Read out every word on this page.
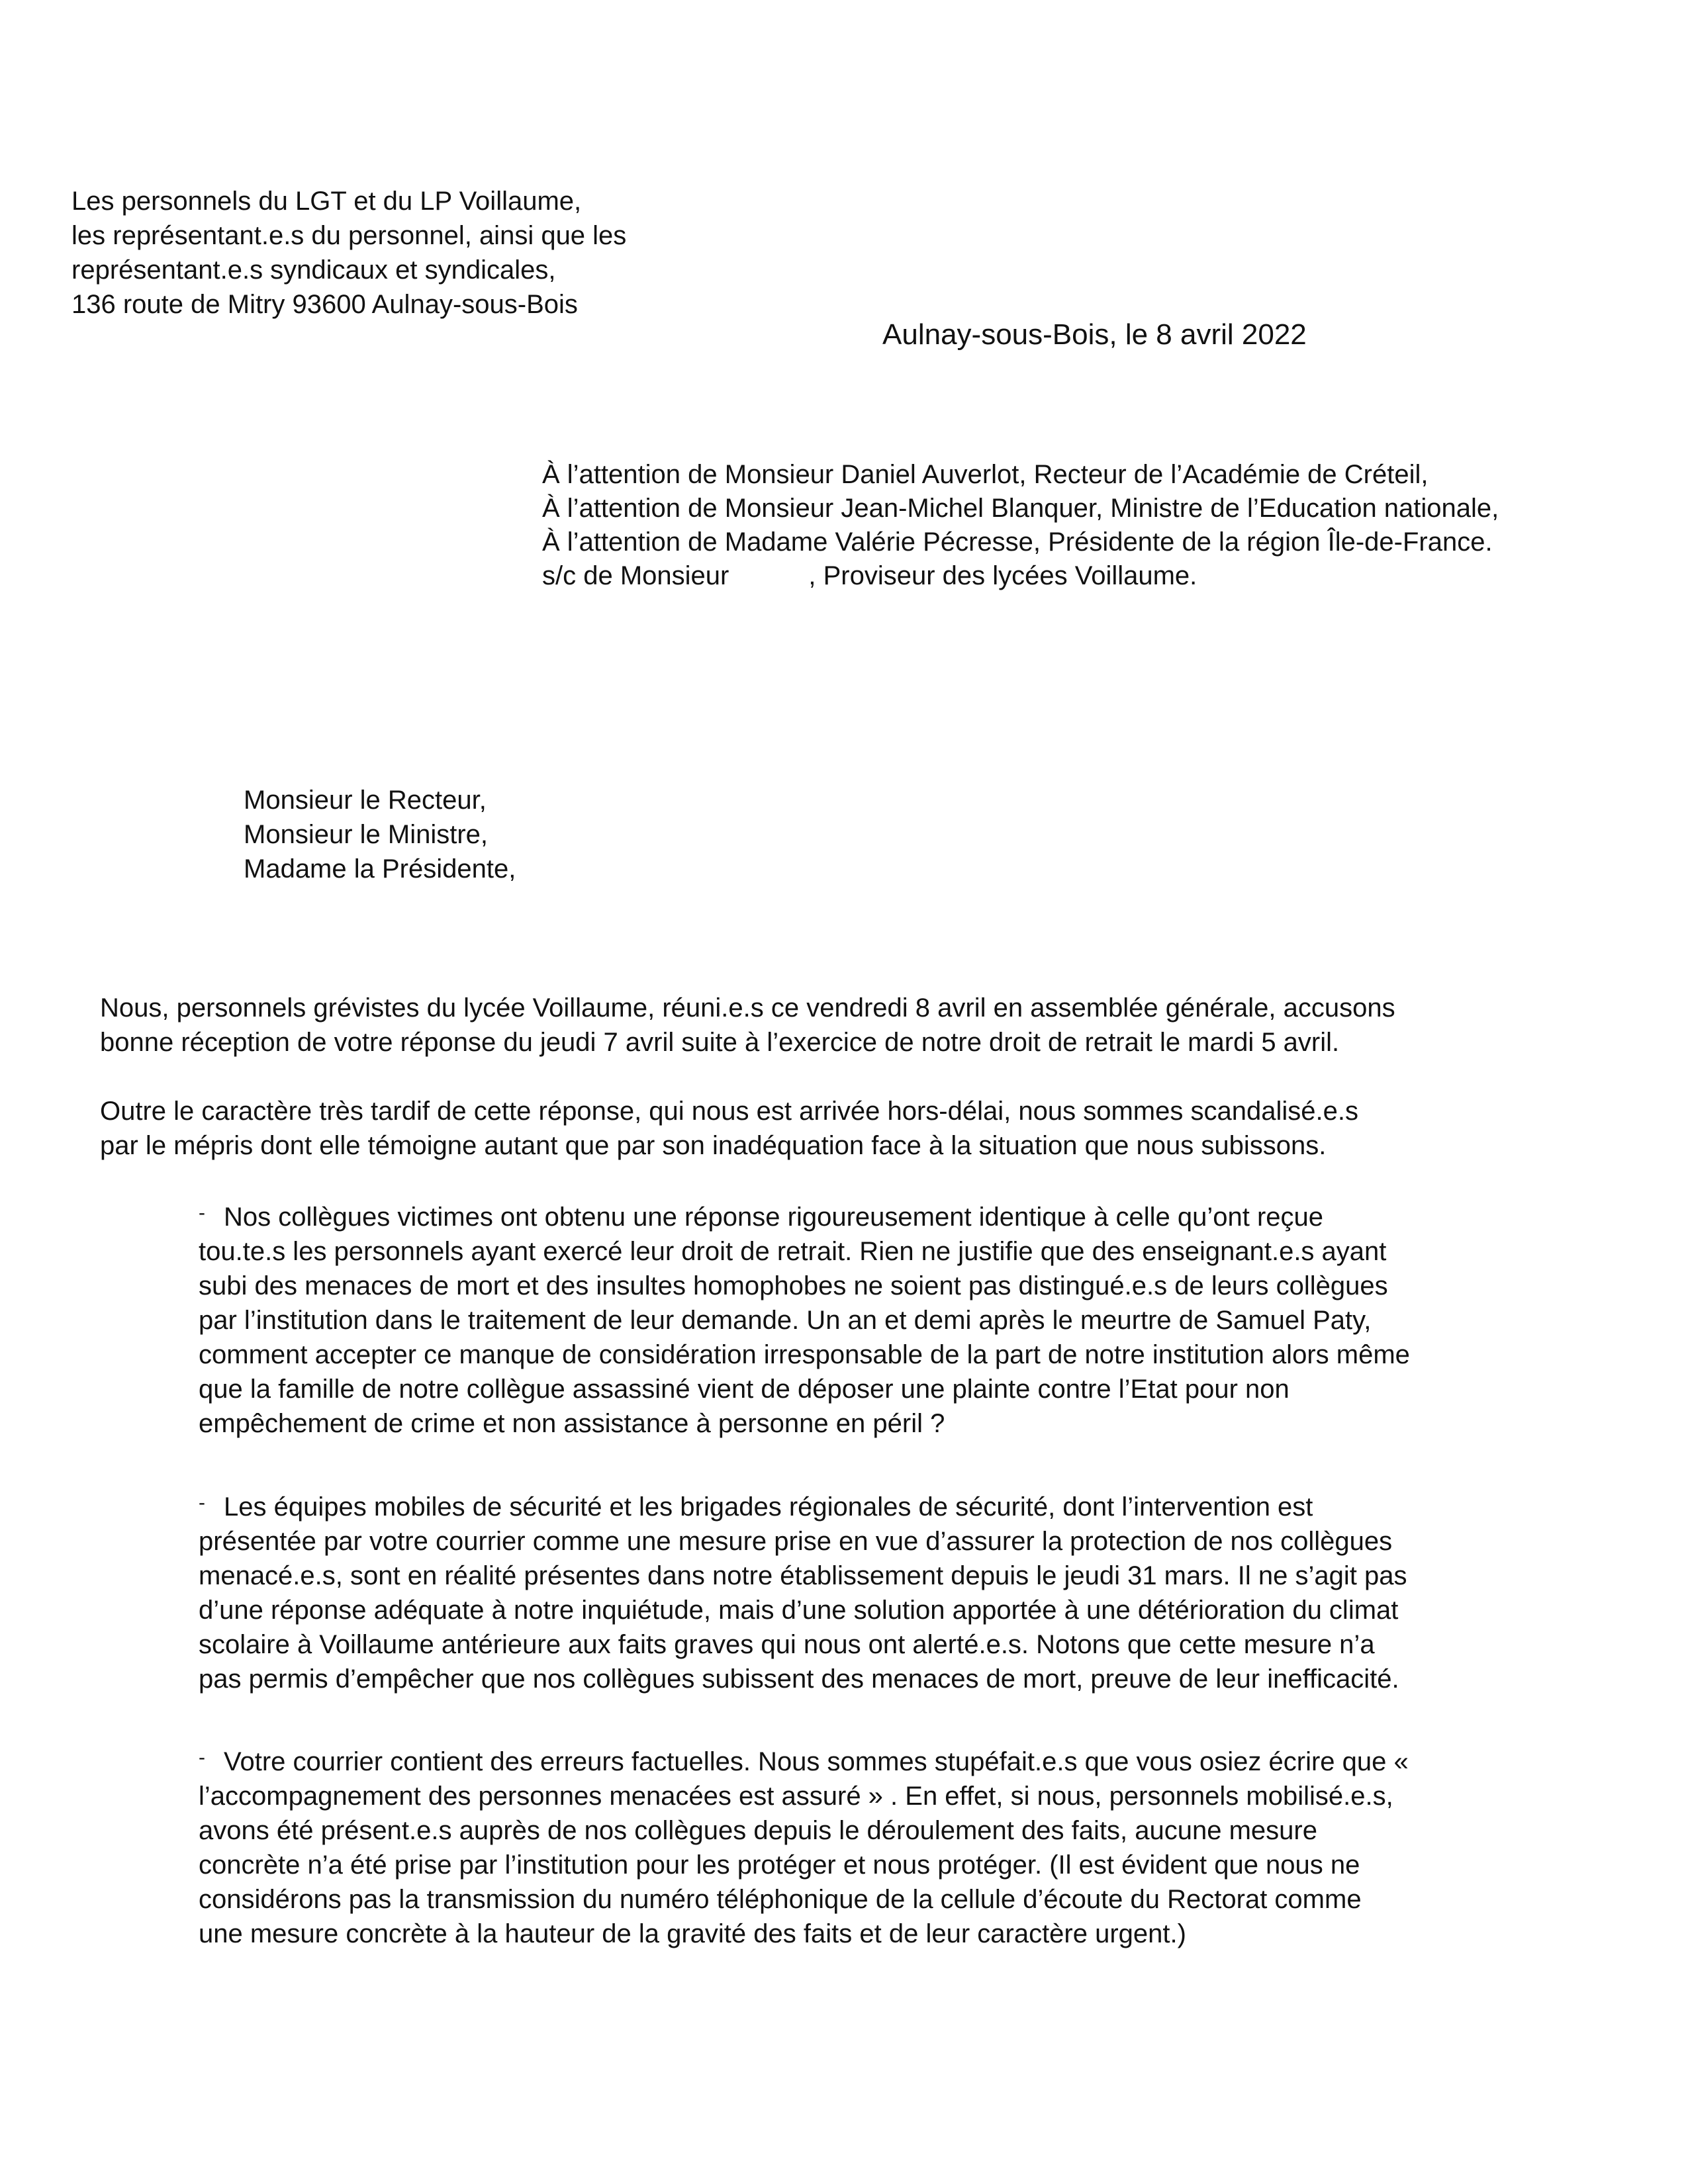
Les personnels du LGT et du LP Voillaume,
les représentant.e.s du personnel, ainsi que les
représentant.e.s syndicaux et syndicales,
136 route de Mitry 93600 Aulnay-sous-Bois
Aulnay-sous-Bois, le 8 avril 2022
À l’attention de Monsieur Daniel Auverlot, Recteur de l’Académie de Créteil,
À l’attention de Monsieur Jean-Michel Blanquer, Ministre de l’Education nationale,
À l’attention de Madame Valérie Pécresse, Présidente de la région Île-de-France.
s/c de Monsieur	, Proviseur des lycées Voillaume.
Monsieur le Recteur,
Monsieur le Ministre,
Madame la Présidente,
Nous, personnels grévistes du lycée Voillaume, réuni.e.s ce vendredi 8 avril en assemblée générale, accusons
bonne réception de votre réponse du jeudi 7 avril suite à l’exercice de notre droit de retrait le mardi 5 avril.
Outre le caractère très tardif de cette réponse, qui nous est arrivée hors-délai, nous sommes scandalisé.e.s
par le mépris dont elle témoigne autant que par son inadéquation face à la situation que nous subissons.
- Nos collègues victimes ont obtenu une réponse rigoureusement identique à celle qu’ont reçue
tou.te.s les personnels ayant exercé leur droit de retrait. Rien ne justifie que des enseignant.e.s ayant
subi des menaces de mort et des insultes homophobes ne soient pas distingué.e.s de leurs collègues
par l’institution dans le traitement de leur demande. Un an et demi après le meurtre de Samuel Paty,
comment accepter ce manque de considération irresponsable de la part de notre institution alors même
que la famille de notre collègue assassiné vient de déposer une plainte contre l’Etat pour non
empêchement de crime et non assistance à personne en péril ?
- Les équipes mobiles de sécurité et les brigades régionales de sécurité, dont l’intervention est
présentée par votre courrier comme une mesure prise en vue d’assurer la protection de nos collègues
menacé.e.s, sont en réalité présentes dans notre établissement depuis le jeudi 31 mars. Il ne s’agit pas
d’une réponse adéquate à notre inquiétude, mais d’une solution apportée à une détérioration du climat
scolaire à Voillaume antérieure aux faits graves qui nous ont alerté.e.s. Notons que cette mesure n’a
pas permis d’empêcher que nos collègues subissent des menaces de mort, preuve de leur inefficacité.
- Votre courrier contient des erreurs factuelles. Nous sommes stupéfait.e.s que vous osiez écrire que «
l’accompagnement des personnes menacées est assuré » . En effet, si nous, personnels mobilisé.e.s,
avons été présent.e.s auprès de nos collègues depuis le déroulement des faits, aucune mesure
concrète n’a été prise par l’institution pour les protéger et nous protéger. (Il est évident que nous ne
considérons pas la transmission du numéro téléphonique de la cellule d’écoute du Rectorat comme
une mesure concrète à la hauteur de la gravité des faits et de leur caractère urgent.)
